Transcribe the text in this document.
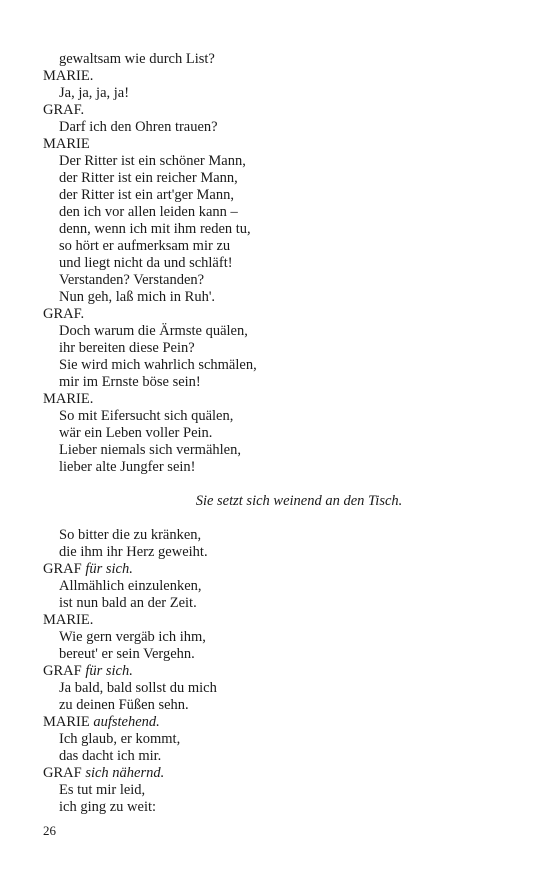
gewaltsam wie durch List?
MARIE.
Ja, ja, ja, ja!
GRAF.
Darf ich den Ohren trauen?
MARIE
Der Ritter ist ein schöner Mann,
der Ritter ist ein reicher Mann,
der Ritter ist ein art'ger Mann,
den ich vor allen leiden kann –
denn, wenn ich mit ihm reden tu,
so hört er aufmerksam mir zu
und liegt nicht da und schläft!
Verstanden? Verstanden?
Nun geh, laß mich in Ruh'.
GRAF.
Doch warum die Ärmste quälen,
ihr bereiten diese Pein?
Sie wird mich wahrlich schmälen,
mir im Ernste böse sein!
MARIE.
So mit Eifersucht sich quälen,
wär ein Leben voller Pein.
Lieber niemals sich vermählen,
lieber alte Jungfer sein!
Sie setzt sich weinend an den Tisch.
So bitter die zu kränken,
die ihm ihr Herz geweiht.
GRAF für sich.
Allmählich einzulenken,
ist nun bald an der Zeit.
MARIE.
Wie gern vergäb ich ihm,
bereut' er sein Vergehn.
GRAF für sich.
Ja bald, bald sollst du mich
zu deinen Füßen sehn.
MARIE aufstehend.
Ich glaub, er kommt,
das dacht ich mir.
GRAF sich nähernd.
Es tut mir leid,
ich ging zu weit:
26
